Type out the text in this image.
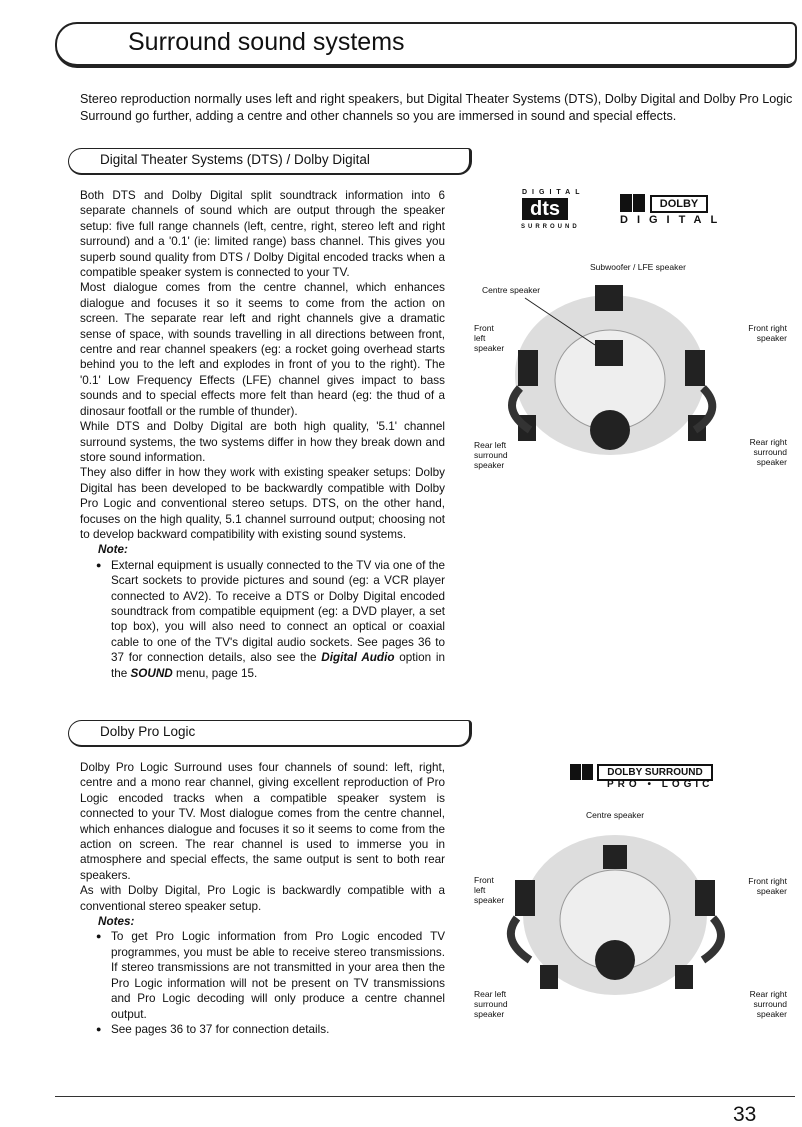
Surround sound systems
Stereo reproduction normally uses left and right speakers, but Digital Theater Systems (DTS), Dolby Digital and Dolby Pro Logic Surround go further, adding a centre and other channels so you are immersed in sound and special effects.
Digital Theater Systems (DTS) / Dolby Digital

Both DTS and Dolby Digital split soundtrack information into 6 separate channels of sound which are output through the speaker setup: five full range channels (left, centre, right, stereo left and right surround) and a '0.1' (ie: limited range) bass channel. This gives you superb sound quality from DTS / Dolby Digital encoded tracks when a compatible speaker system is connected to your TV.

Most dialogue comes from the centre channel, which enhances dialogue and focuses it so it seems to come from the action on screen. The separate rear left and right channels give a dramatic sense of space, with sounds travelling in all directions between front, centre and rear channel speakers (eg: a rocket going overhead starts behind you to the left and explodes in front of you to the right). The '0.1' Low Frequency Effects (LFE) channel gives impact to bass sounds and to special effects more felt than heard (eg: the thud of a dinosaur footfall or the rumble of thunder).

While DTS and Dolby Digital are both high quality, '5.1' channel surround systems, the two systems differ in how they break down and store sound information.

They also differ in how they work with existing speaker setups: Dolby Digital has been developed to be backwardly compatible with Dolby Pro Logic and conventional stereo setups. DTS, on the other hand, focuses on the high quality, 5.1 channel surround output; choosing not to develop backward compatibility with existing sound systems.

Note:

● External equipment is usually connected to the TV via one of the Scart sockets to provide pictures and sound (eg: a VCR player connected to AV2). To receive a DTS or Dolby Digital encoded soundtrack from compatible equipment (eg: a DVD player, a set top box), you will also need to connect an optical or coaxial cable to one of the TV's digital audio sockets. See pages 36 to 37 for connection details, also see the Digital Audio option in the SOUND menu, page 15.

DIGITAL
dts
SURROUND
DOLBY
DIGITAL
Subwoofer / LFE speaker
Centre speaker
Front left speaker
Front right speaker
Rear left surround speaker
Rear right surround speaker
Dolby Pro Logic

Dolby Pro Logic Surround uses four channels of sound: left, right, centre and a mono rear channel, giving excellent reproduction of Pro Logic encoded tracks when a compatible speaker system is connected to your TV. Most dialogue comes from the centre channel, which enhances dialogue and focuses it so it seems to come from the action on screen. The rear channel is used to immerse you in atmosphere and special effects, the same output is sent to both rear speakers.

As with Dolby Digital, Pro Logic is backwardly compatible with a conventional stereo speaker setup.

Notes:

● To get Pro Logic information from Pro Logic encoded TV programmes, you must be able to receive stereo transmissions. If stereo transmissions are not transmitted in your area then the Pro Logic information will not be present on TV transmissions and Pro Logic decoding will only produce a centre channel output.

● See pages 36 to 37 for connection details.

DOLBY SURROUND
PRO • LOGIC
Centre speaker
Front left speaker
Front right speaker
Rear left surround speaker
Rear right surround speaker
33
